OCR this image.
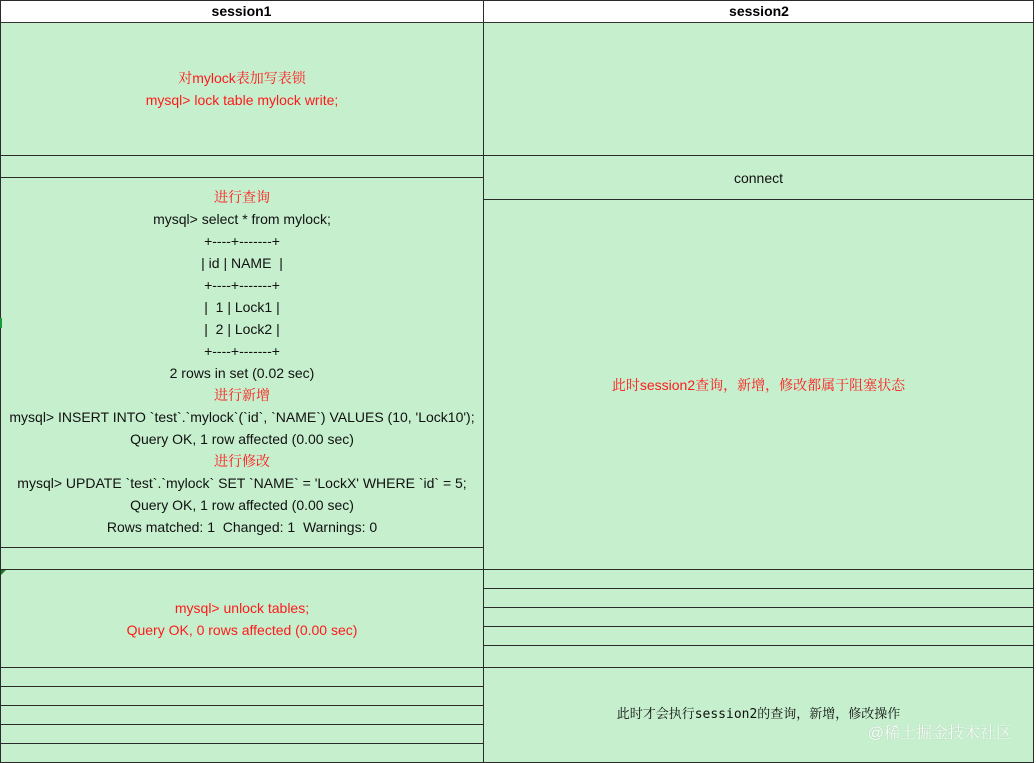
session1	session2
对mylock表加写表锁
mysql> lock table mylock write;
connect
进行查询
mysql> select * from mylock;
+----+-------+
| id | NAME  |
+----+-------+
|  1 | Lock1 |
|  2 | Lock2 |
+----+-------+
2 rows in set (0.02 sec)
进行新增
mysql> INSERT INTO `test`.`mylock`(`id`, `NAME`) VALUES (10, 'Lock10');
Query OK, 1 row affected (0.00 sec)
进行修改
mysql> UPDATE `test`.`mylock` SET `NAME` = 'LockX' WHERE `id` = 5;
Query OK, 1 row affected (0.00 sec)
Rows matched: 1  Changed: 1  Warnings: 0
此时session2查询，新增，修改都属于阻塞状态
mysql> unlock tables;
Query OK, 0 rows affected (0.00 sec)
此时才会执行session2的查询，新增，修改操作
@稀土掘金技术社区
